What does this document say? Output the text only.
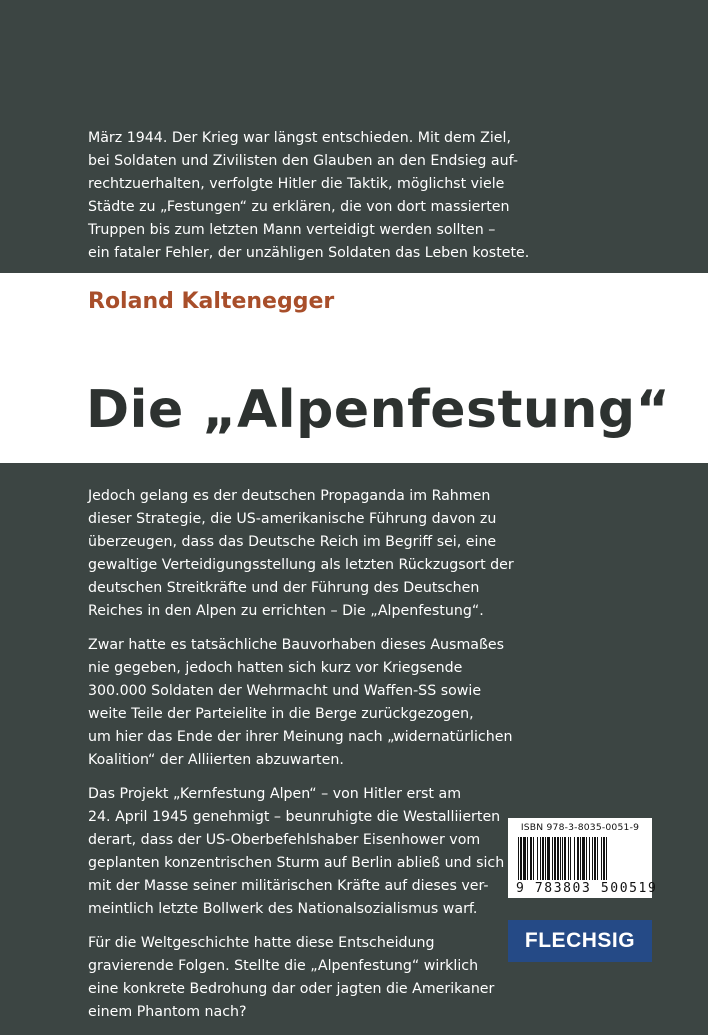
März 1944. Der Krieg war längst entschieden. Mit dem Ziel,
bei Soldaten und Zivilisten den Glauben an den Endsieg auf-
rechtzuerhalten, verfolgte Hitler die Taktik, möglichst viele
Städte zu „Festungen“ zu erklären, die von dort massierten
Truppen bis zum letzten Mann verteidigt werden sollten –
ein fataler Fehler, der unzähligen Soldaten das Leben kostete.

Roland Kaltenegger
Die „Alpenfestung“

Jedoch gelang es der deutschen Propaganda im Rahmen
dieser Strategie, die US-amerikanische Führung davon zu
überzeugen, dass das Deutsche Reich im Begriff sei, eine
gewaltige Verteidigungsstellung als letzten Rückzugsort der
deutschen Streitkräfte und der Führung des Deutschen
Reiches in den Alpen zu errichten – Die „Alpenfestung“.

Zwar hatte es tatsächliche Bauvorhaben dieses Ausmaßes
nie gegeben, jedoch hatten sich kurz vor Kriegsende
300.000 Soldaten der Wehrmacht und Waffen-SS sowie
weite Teile der Parteielite in die Berge zurückgezogen,
um hier das Ende der ihrer Meinung nach „widernatürlichen
Koalition“ der Alliierten abzuwarten.

Das Projekt „Kernfestung Alpen“ – von Hitler erst am
24. April 1945 genehmigt – beunruhigte die Westalliierten
derart, dass der US-Oberbefehlshaber Eisenhower vom
geplanten konzentrischen Sturm auf Berlin abließ und sich
mit der Masse seiner militärischen Kräfte auf dieses ver-
meintlich letzte Bollwerk des Nationalsozialismus warf.

Für die Weltgeschichte hatte diese Entscheidung
gravierende Folgen. Stellte die „Alpenfestung“ wirklich
eine konkrete Bedrohung dar oder jagten die Amerikaner
einem Phantom nach?

ISBN 978-3-8035-0051-9
9 783803 500519
FLECHSIG
